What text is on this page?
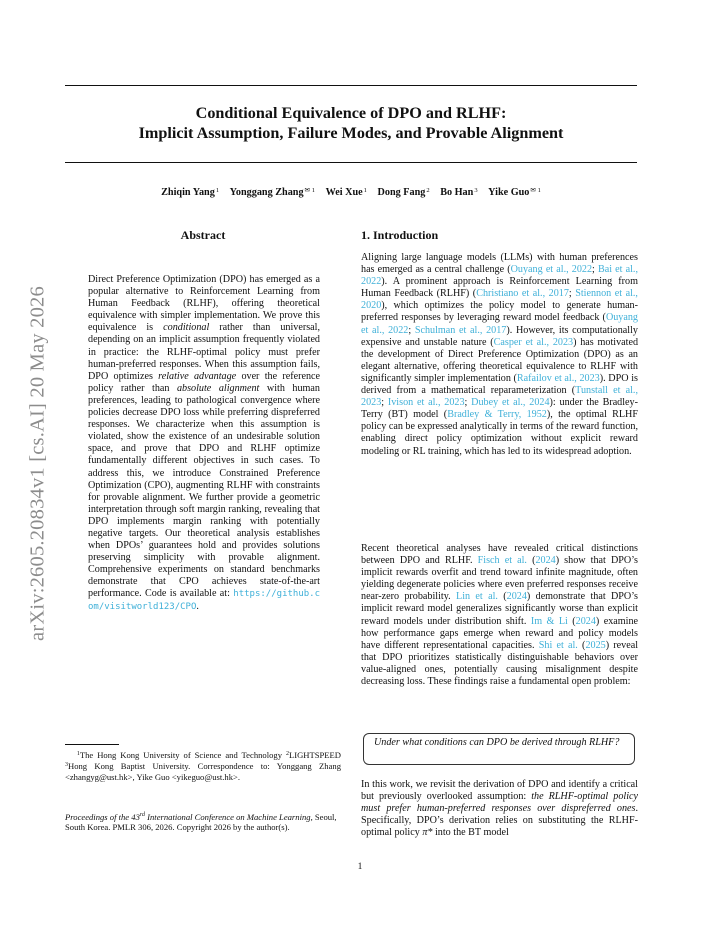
Conditional Equivalence of DPO and RLHF:
Implicit Assumption, Failure Modes, and Provable Alignment
Zhiqin Yang$^1$ Yonggang Zhang$^{✉ 1}$ Wei Xue$^1$ Dong Fang$^2$ Bo Han$^3$ Yike Guo$^{✉ 1}$
arXiv:2605.20834v1 [cs.AI] 20 May 2026
Abstract
Direct Preference Optimization (DPO) has emerged as a popular alternative to Reinforcement Learning from Human Feedback (RLHF), offering theoretical equivalence with simpler implementation. We prove this equivalence is conditional rather than universal, depending on an implicit assumption frequently violated in practice: the RLHF-optimal policy must prefer human-preferred responses. When this assumption fails, DPO optimizes relative advantage over the reference policy rather than absolute alignment with human preferences, leading to pathological convergence where policies decrease DPO loss while preferring dispreferred responses. We characterize when this assumption is violated, show the existence of an undesirable solution space, and prove that DPO and RLHF optimize fundamentally different objectives in such cases. To address this, we introduce Constrained Preference Optimization (CPO), augmenting RLHF with constraints for provable alignment. We further provide a geometric interpretation through soft margin ranking, revealing that DPO implements margin ranking with potentially negative targets. Our theoretical analysis establishes when DPOs’ guarantees hold and provides solutions preserving simplicity with provable alignment. Comprehensive experiments on standard benchmarks demonstrate that CPO achieves state-of-the-art performance. Code is available at: https://github.com/visitworld123/CPO.
$^1$The Hong Kong University of Science and Technology $^2$LIGHTSPEED $^3$Hong Kong Baptist University. Correspondence to: Yonggang Zhang <zhangyg@ust.hk>, Yike Guo <yikeguo@ust.hk>.
Proceedings of the 43rd International Conference on Machine Learning, Seoul, South Korea. PMLR 306, 2026. Copyright 2026 by the author(s).
1. Introduction
Aligning large language models (LLMs) with human preferences has emerged as a central challenge (Ouyang et al., 2022; Bai et al., 2022). A prominent approach is Reinforcement Learning from Human Feedback (RLHF) (Christiano et al., 2017; Stiennon et al., 2020), which optimizes the policy model to generate human-preferred responses by leveraging reward model feedback (Ouyang et al., 2022; Schulman et al., 2017). However, its computationally expensive and unstable nature (Casper et al., 2023) has motivated the development of Direct Preference Optimization (DPO) as an elegant alternative, offering theoretical equivalence to RLHF with significantly simpler implementation (Rafailov et al., 2023). DPO is derived from a mathematical reparameterization (Tunstall et al., 2023; Ivison et al., 2023; Dubey et al., 2024): under the Bradley-Terry (BT) model (Bradley & Terry, 1952), the optimal RLHF policy can be expressed analytically in terms of the reward function, enabling direct policy optimization without explicit reward modeling or RL training, which has led to its widespread adoption.
Recent theoretical analyses have revealed critical distinctions between DPO and RLHF. Fisch et al. (2024) show that DPO’s implicit rewards overfit and trend toward infinite magnitude, often yielding degenerate policies where even preferred responses receive near-zero probability. Lin et al. (2024) demonstrate that DPO’s implicit reward model generalizes significantly worse than explicit reward models under distribution shift. Im & Li (2024) examine how performance gaps emerge when reward and policy models have different representational capacities. Shi et al. (2025) reveal that DPO prioritizes statistically distinguishable behaviors over value-aligned ones, potentially causing misalignment despite decreasing loss. These findings raise a fundamental open problem:
Under what conditions can DPO be derived through RLHF?
In this work, we revisit the derivation of DPO and identify a critical but previously overlooked assumption: the RLHF-optimal policy must prefer human-preferred responses over dispreferred ones. Specifically, DPO’s derivation relies on substituting the RLHF-optimal policy π* into the BT model
1
